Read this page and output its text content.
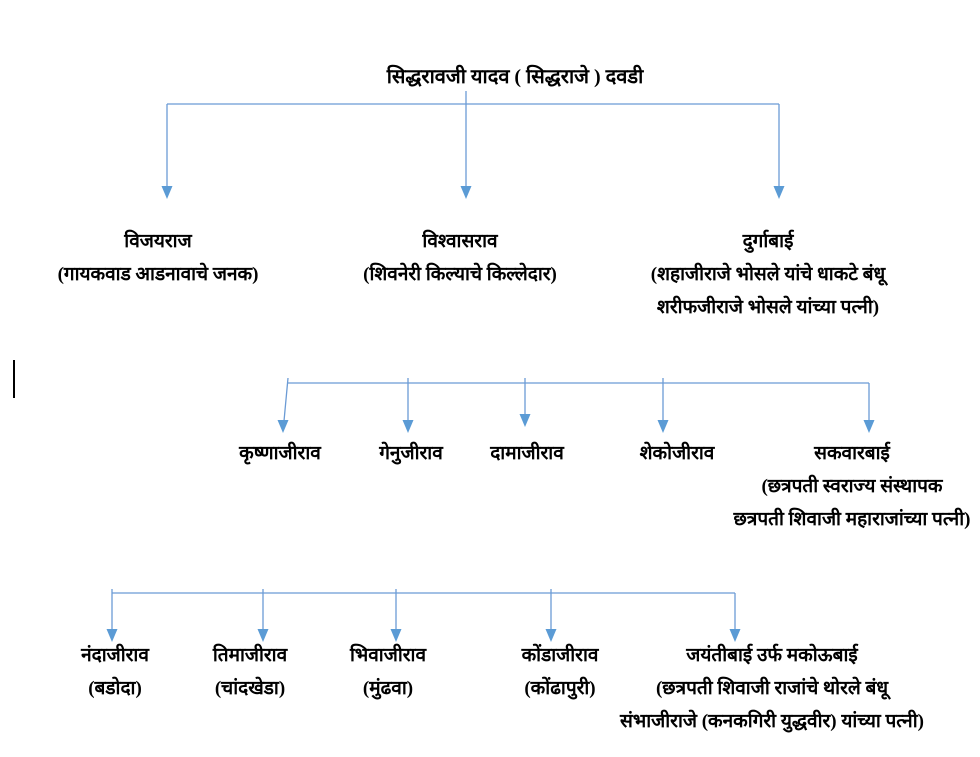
सिद्धरावजी यादव ( सिद्धराजे ) दवडी
विजयराज
(गायकवाड आडनावाचे जनक)
विश्वासराव
(शिवनेरी किल्याचे किल्लेदार)
दुर्गाबाई
(शहाजीराजे भोसले यांचे धाकटे बंधू
शरीफजीराजे भोसले यांच्या पत्नी)
कृष्णाजीराव	गेनुजीराव	दामाजीराव	शेकोजीराव	सकवारबाई
(छत्रपती स्वराज्य संस्थापक
छत्रपती शिवाजी महाराजांच्या पत्नी)
नंदाजीराव
(बडोदा)
तिमाजीराव
(चांदखेडा)
भिवाजीराव
(मुंढवा)
कोंडाजीराव
(कोंढापुरी)
जयंतीबाई उर्फ मकोऊबाई
(छत्रपती शिवाजी राजांचे थोरले बंधू
संभाजीराजे (कनकगिरी युद्धवीर) यांच्या पत्नी)
